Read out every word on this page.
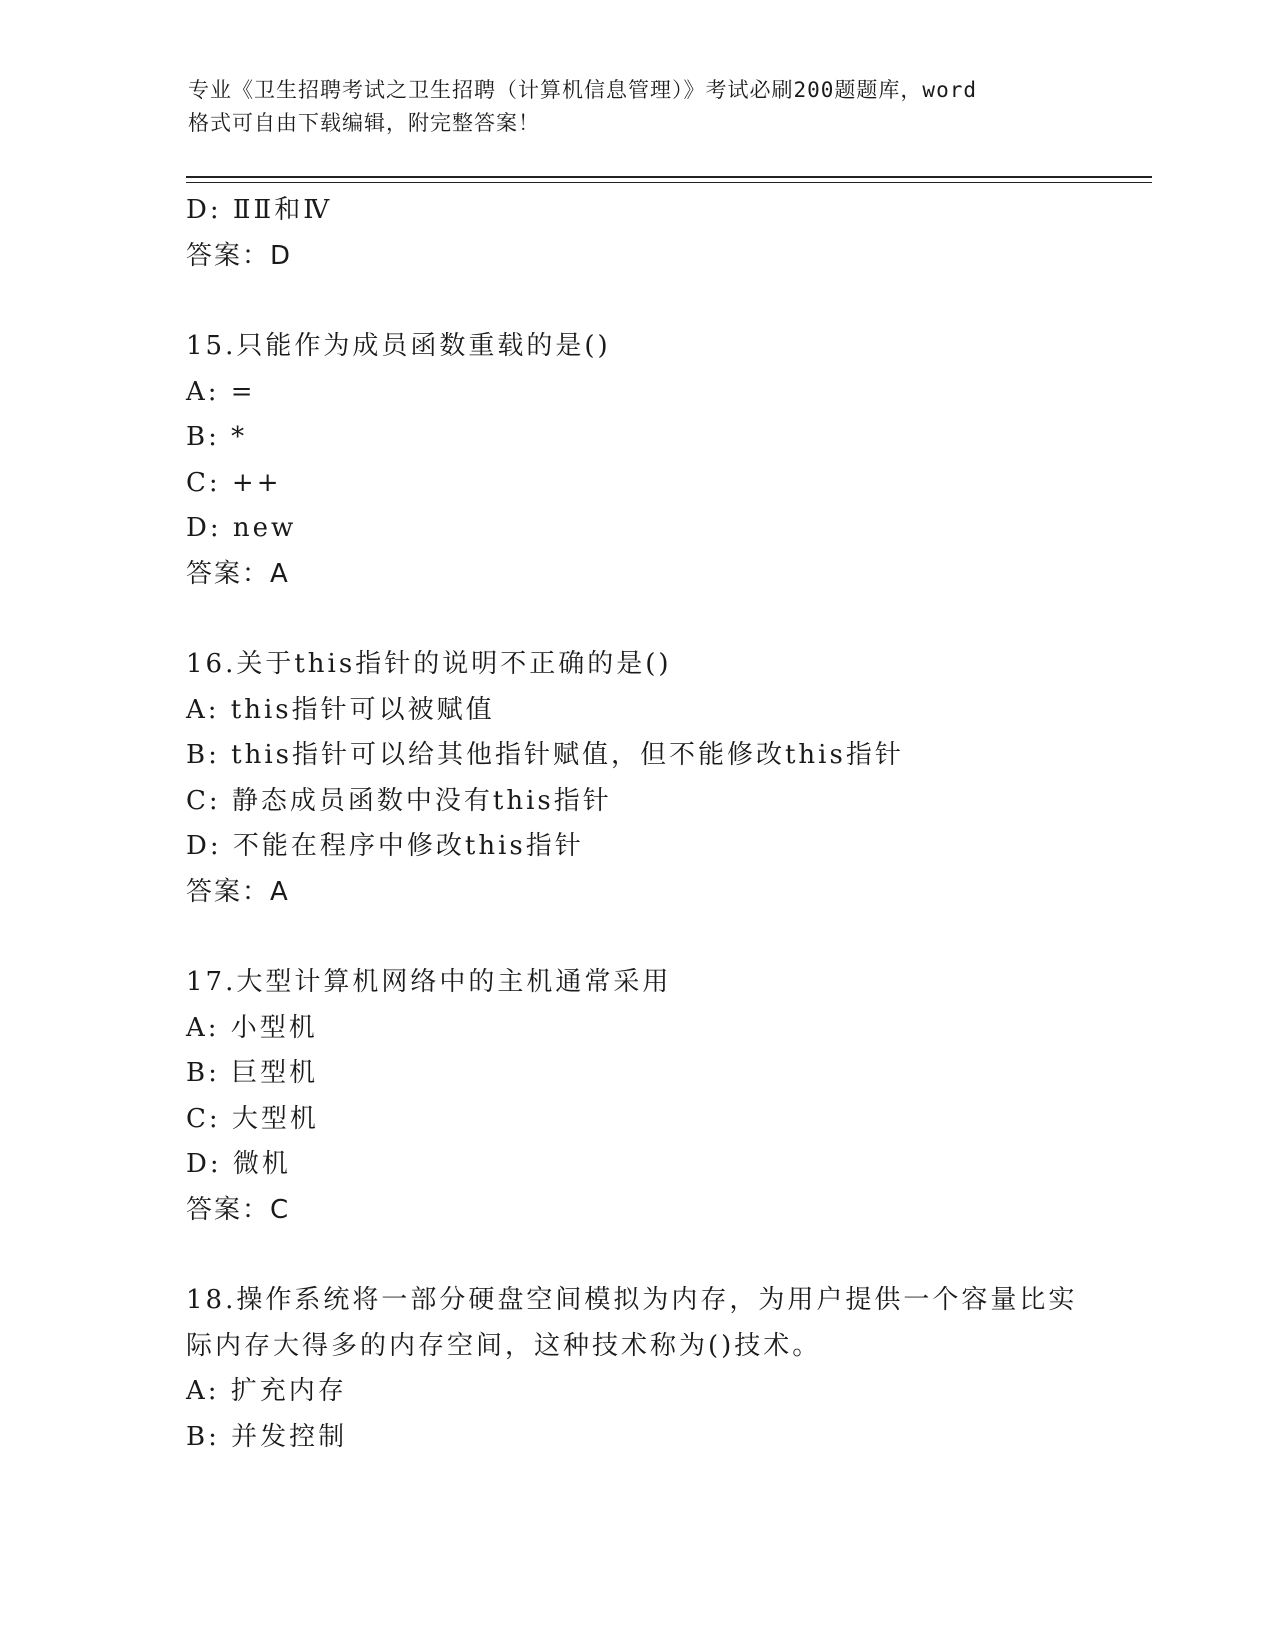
专业《卫生招聘考试之卫生招聘（计算机信息管理）》考试必刷200题题库，word
格式可自由下载编辑，附完整答案！
D: ⅡⅡ和Ⅳ
答案：D
15.只能作为成员函数重载的是()
A: =
B: *
C: ++
D: new
答案：A
16.关于this指针的说明不正确的是()
A: this指针可以被赋值
B: this指针可以给其他指针赋值，但不能修改this指针
C: 静态成员函数中没有this指针
D: 不能在程序中修改this指针
答案：A
17.大型计算机网络中的主机通常采用
A: 小型机
B: 巨型机
C: 大型机
D: 微机
答案：C
18.操作系统将一部分硬盘空间模拟为内存，为用户提供一个容量比实
际内存大得多的内存空间，这种技术称为()技术。
A: 扩充内存
B: 并发控制
